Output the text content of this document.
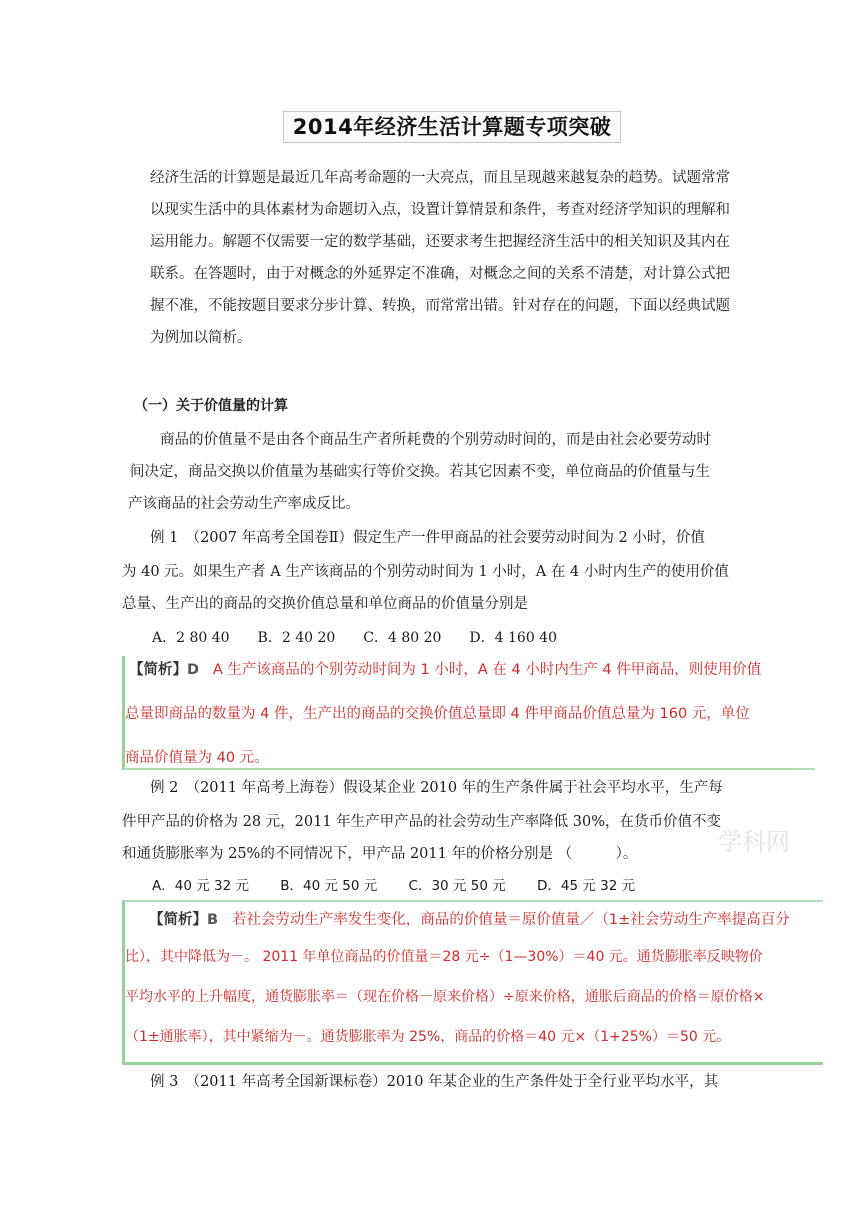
2014年经济生活计算题专项突破

经济生活的计算题是最近几年高考命题的一大亮点，而且呈现越来越复杂的趋势。试题常常以现实生活中的具体素材为命题切入点，设置计算情景和条件，考查对经济学知识的理解和运用能力。解题不仅需要一定的数学基础，还要求考生把握经济生活中的相关知识及其内在联系。在答题时，由于对概念的外延界定不准确，对概念之间的关系不清楚，对计算公式把握不准，不能按题目要求分步计算、转换，而常常出错。针对存在的问题，下面以经典试题为例加以简析。

（一）关于价值量的计算
商品的价值量不是由各个商品生产者所耗费的个别劳动时间的，而是由社会必要劳动时
间决定，商品交换以价值量为基础实行等价交换。若其它因素不变，单位商品的价值量与生
产该商品的社会劳动生产率成反比。
例 1　（2007 年高考全国卷Ⅱ）假定生产一件甲商品的社会要劳动时间为 2 小时，价值
为 40 元。如果生产者 A 生产该商品的个别劳动时间为 1 小时，A 在 4 小时内生产的使用价值
总量、生产出的商品的交换价值总量和单位商品的价值量分别是
A．2 80 40　　B．2 40 20　　C．4 80 20　　D．4 160 40
【简析】D A 生产该商品的个别劳动时间为 1 小时，A 在 4 小时内生产 4 件甲商品，则使用价值
总量即商品的数量为 4 件，生产出的商品的交换价值总量即 4 件甲商品价值总量为 160 元，单位
商品价值量为 40 元。
例 2　（2011 年高考上海卷）假设某企业 2010 年的生产条件属于社会平均水平，生产每
件甲产品的价格为 28 元，2011 年生产甲产品的社会劳动生产率降低 30%，在货币价值不变
和通货膨胀率为 25%的不同情况下，甲产品 2011 年的价格分别是 （　　　）。	学科网
A．40 元 32 元　　 B．40 元 50 元　　 C．30 元 50 元　　 D．45 元 32 元
【简析】B 若社会劳动生产率发生变化，商品的价值量＝原价值量／（1±社会劳动生产率提高百分
比），其中降低为－。 2011 年单位商品的价值量＝28 元÷（1—30%）＝40 元。通货膨胀率反映物价
平均水平的上升幅度，通货膨胀率＝（现在价格－原来价格）÷原来价格，通胀后商品的价格＝原价格×
（1±通胀率），其中紧缩为－。通货膨胀率为 25%，商品的价格＝40 元×（1+25%）＝50 元。
例 3　（2011 年高考全国新课标卷）2010 年某企业的生产条件处于全行业平均水平，其
